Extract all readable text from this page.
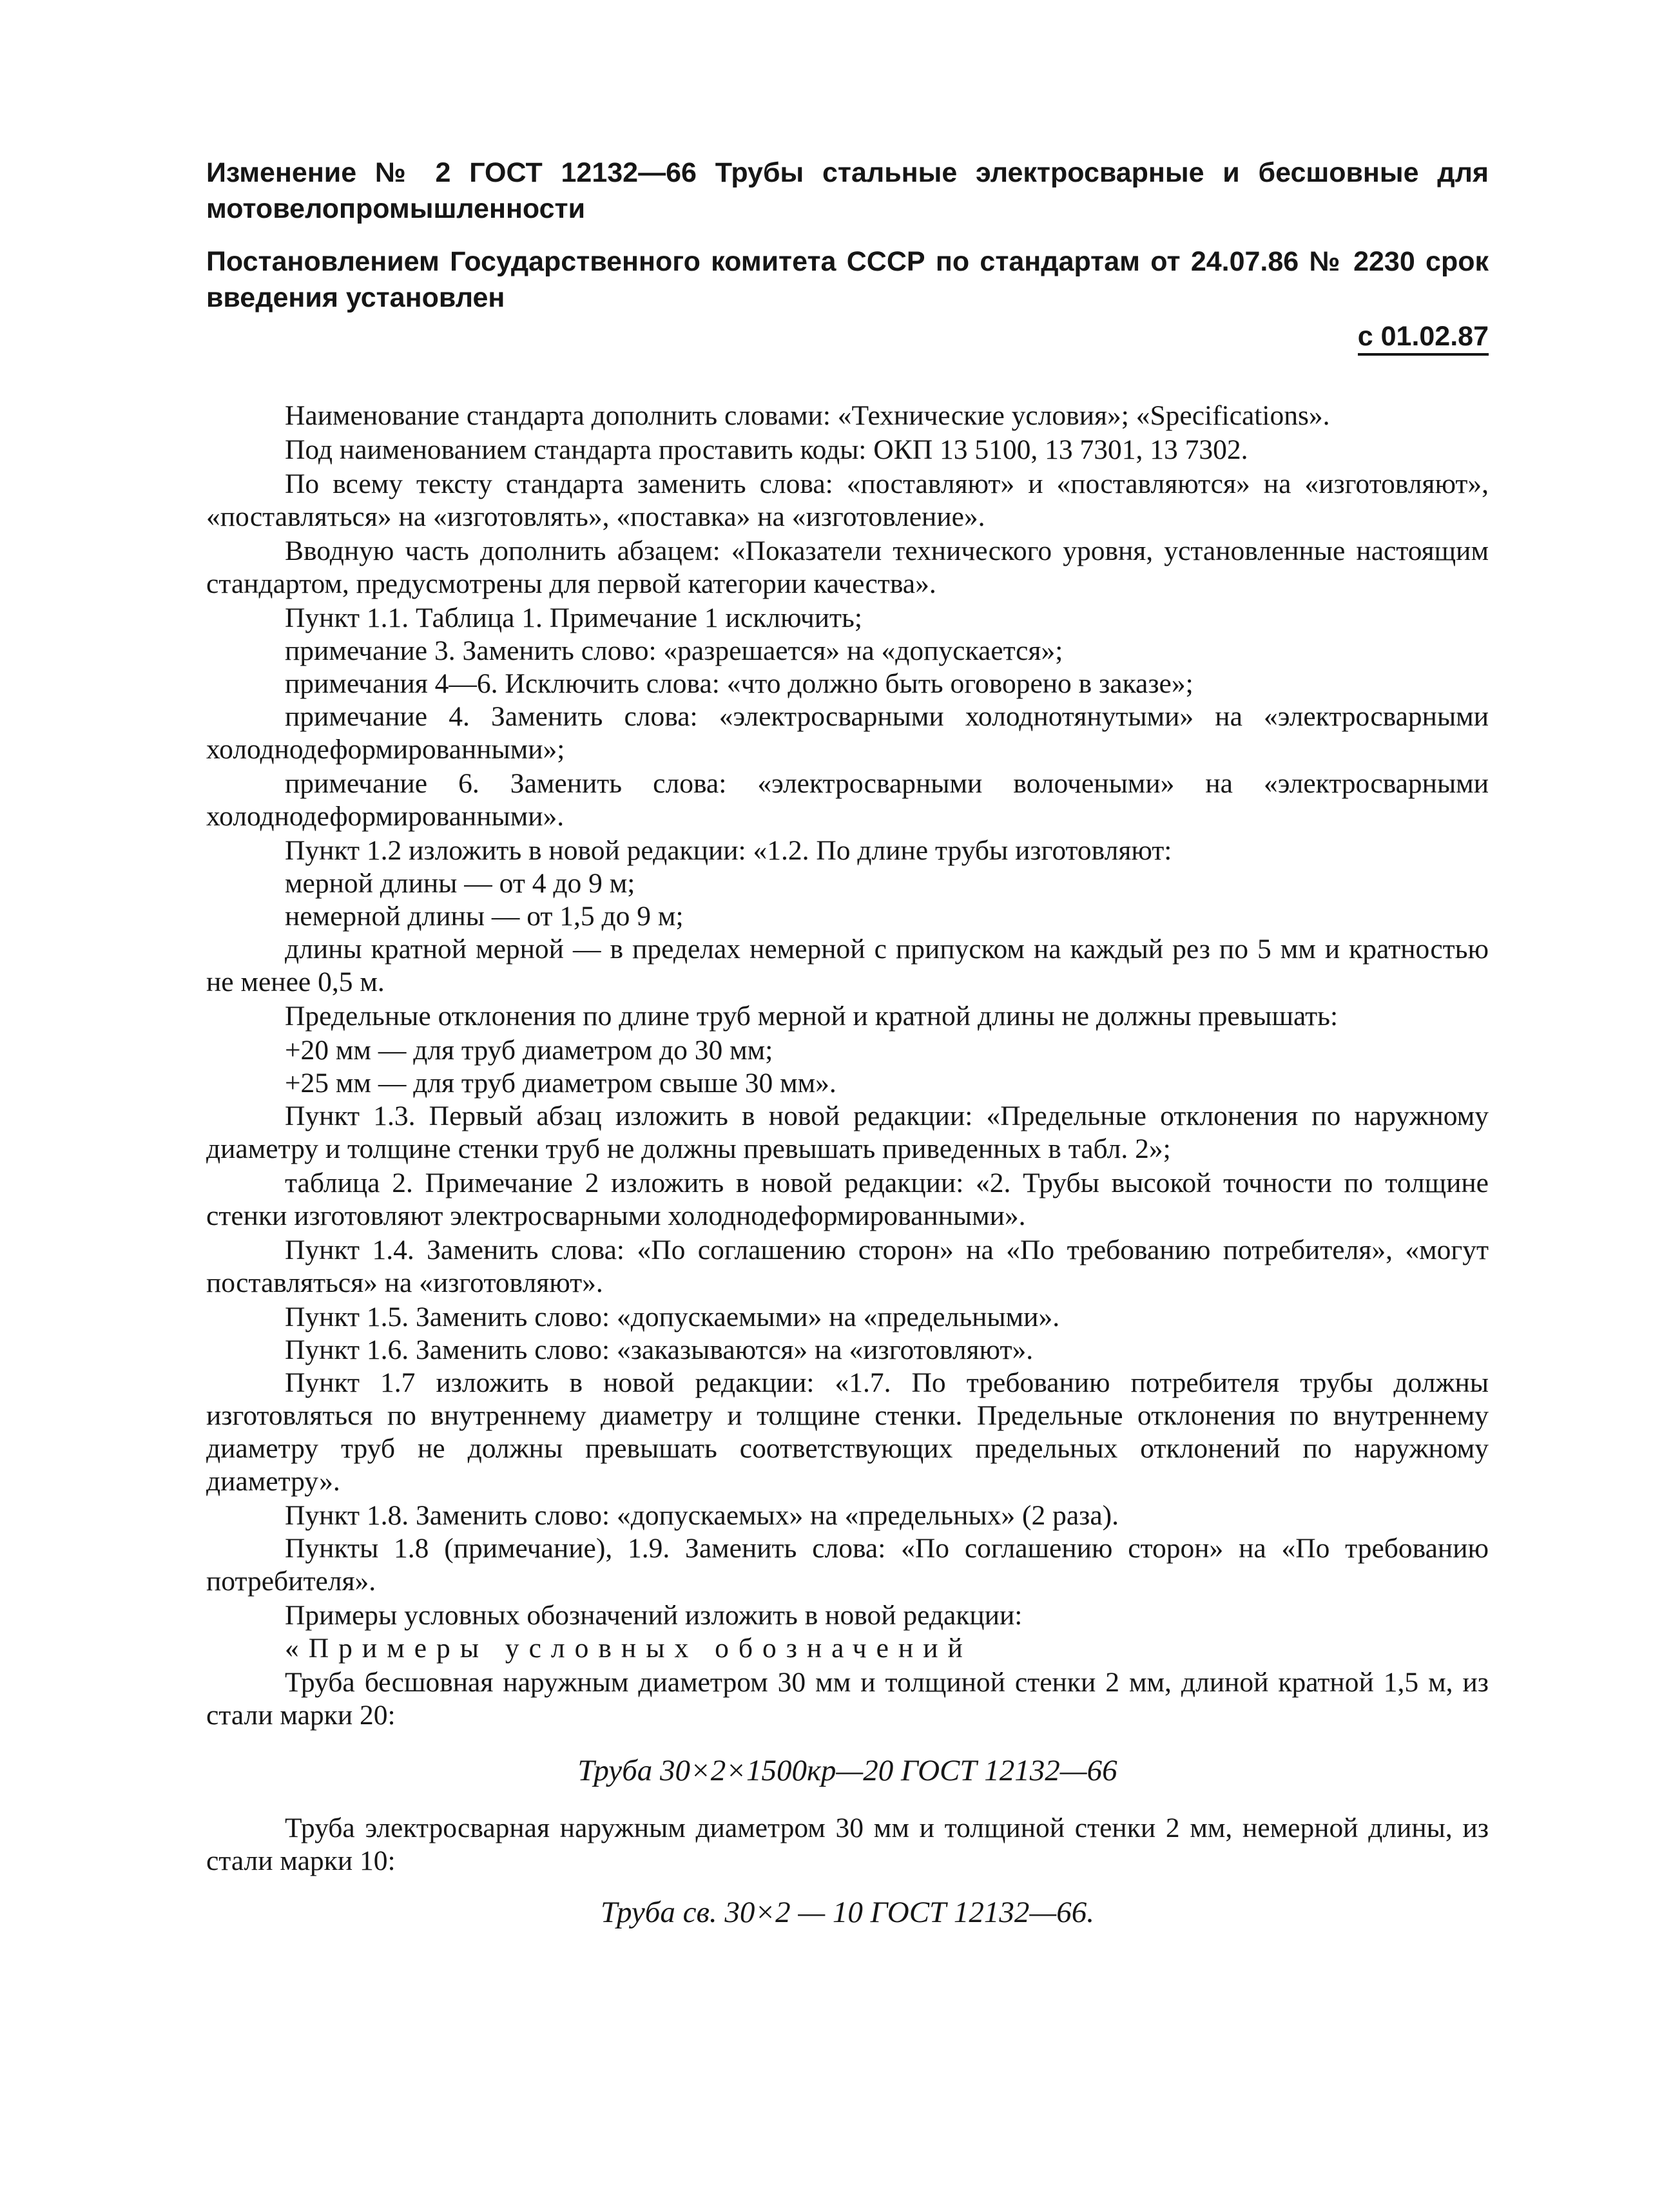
Изменение № 2 ГОСТ 12132—66 Трубы стальные электросварные и бесшовные для мотовелопромышленности

Постановлением Государственного комитета СССР по стандартам от 24.07.86 № 2230 срок введения установлен

с 01.02.87

Наименование стандарта дополнить словами: «Технические условия»; «Specifications».

Под наименованием стандарта проставить коды: ОКП 13 5100, 13 7301, 13 7302.

По всему тексту стандарта заменить слова: «поставляют» и «поставляются» на «изготовляют», «поставляться» на «изготовлять», «поставка» на «изготовление».

Вводную часть дополнить абзацем: «Показатели технического уровня, установленные настоящим стандартом, предусмотрены для первой категории качества».

Пункт 1.1. Таблица 1. Примечание 1 исключить;

примечание 3. Заменить слово: «разрешается» на «допускается»;

примечания 4—6. Исключить слова: «что должно быть оговорено в заказе»;

примечание 4. Заменить слова: «электросварными холоднотянутыми» на «электросварными холоднодеформированными»;

примечание 6. Заменить слова: «электросварными волочеными» на «электросварными холоднодеформированными».

Пункт 1.2 изложить в новой редакции: «1.2. По длине трубы изготовляют:

мерной длины — от 4 до 9 м;

немерной длины — от 1,5 до 9 м;

длины кратной мерной — в пределах немерной с припуском на каждый рез по 5 мм и кратностью не менее 0,5 м.

Предельные отклонения по длине труб мерной и кратной длины не должны превышать:

+20 мм — для труб диаметром до 30 мм;

+25 мм — для труб диаметром свыше 30 мм».

Пункт 1.3. Первый абзац изложить в новой редакции: «Предельные отклонения по наружному диаметру и толщине стенки труб не должны превышать приведенных в табл. 2»;

таблица 2. Примечание 2 изложить в новой редакции: «2. Трубы высокой точности по толщине стенки изготовляют электросварными холоднодеформированными».

Пункт 1.4. Заменить слова: «По соглашению сторон» на «По требованию потребителя», «могут поставляться» на «изготовляют».

Пункт 1.5. Заменить слово: «допускаемыми» на «предельными».

Пункт 1.6. Заменить слово: «заказываются» на «изготовляют».

Пункт 1.7 изложить в новой редакции: «1.7. По требованию потребителя трубы должны изготовляться по внутреннему диаметру и толщине стенки. Предельные отклонения по внутреннему диаметру труб не должны превышать соответствующих предельных отклонений по наружному диаметру».

Пункт 1.8. Заменить слово: «допускаемых» на «предельных» (2 раза).

Пункты 1.8 (примечание), 1.9. Заменить слова: «По соглашению сторон» на «По требованию потребителя».

Примеры условных обозначений изложить в новой редакции:

«Примеры условных обозначений

Труба бесшовная наружным диаметром 30 мм и толщиной стенки 2 мм, длиной кратной 1,5 м, из стали марки 20:

Труба 30×2×1500кр—20 ГОСТ 12132—66

Труба электросварная наружным диаметром 30 мм и толщиной стенки 2 мм, немерной длины, из стали марки 10:

Труба св. 30×2 — 10 ГОСТ 12132—66.
